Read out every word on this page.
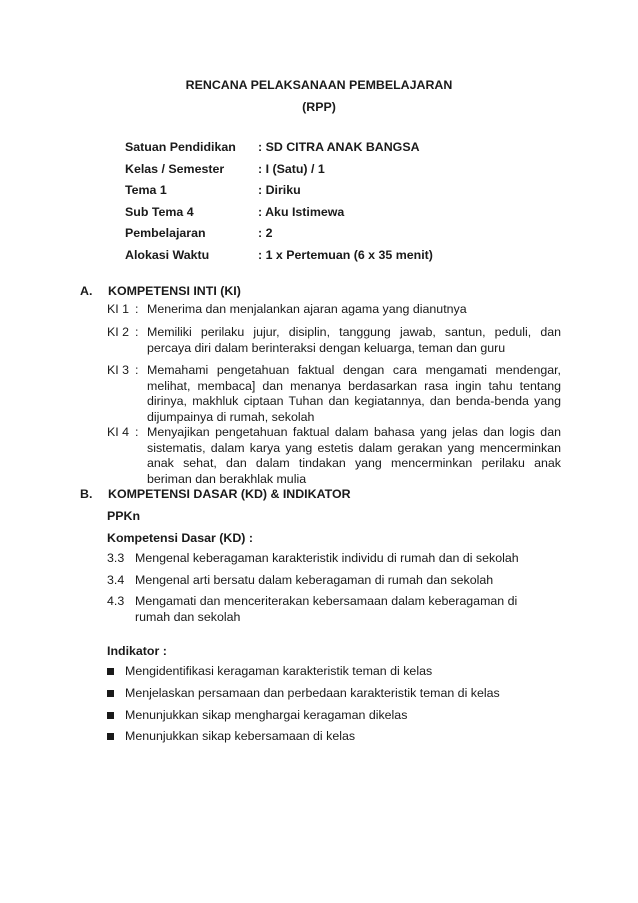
RENCANA PELAKSANAAN PEMBELAJARAN
(RPP)
Satuan Pendidikan : SD CITRA ANAK BANGSA
Kelas / Semester	: I (Satu) / 1
Tema 1	: Diriku
Sub Tema 4	: Aku Istimewa
Pembelajaran	: 2
Alokasi Waktu	: 1 x Pertemuan (6 x 35 menit)
A. KOMPETENSI INTI (KI)
KI 1 : Menerima dan menjalankan ajaran agama yang dianutnya
KI 2 : Memiliki perilaku jujur, disiplin, tanggung jawab, santun, peduli, dan percaya diri dalam berinteraksi dengan keluarga, teman dan guru
KI 3 : Memahami pengetahuan faktual dengan cara mengamati mendengar, melihat, membaca] dan menanya berdasarkan rasa ingin tahu tentang dirinya, makhluk ciptaan Tuhan dan kegiatannya, dan benda-benda yang dijumpainya di rumah, sekolah
KI 4 : Menyajikan pengetahuan faktual dalam bahasa yang jelas dan logis dan sistematis, dalam karya yang estetis dalam gerakan yang mencerminkan anak sehat, dan dalam tindakan yang mencerminkan perilaku anak beriman dan berakhlak mulia
B. KOMPETENSI DASAR (KD) & INDIKATOR
PPKn
Kompetensi Dasar (KD) :
3.3 Mengenal keberagaman karakteristik individu di rumah dan di sekolah
3.4 Mengenal arti bersatu dalam keberagaman di rumah dan sekolah
4.3 Mengamati dan menceriterakan kebersamaan dalam keberagaman di rumah dan sekolah
Indikator :
Mengidentifikasi keragaman karakteristik teman di kelas
Menjelaskan persamaan dan perbedaan karakteristik teman di kelas
Menunjukkan sikap menghargai keragaman dikelas
Menunjukkan sikap kebersamaan di kelas
